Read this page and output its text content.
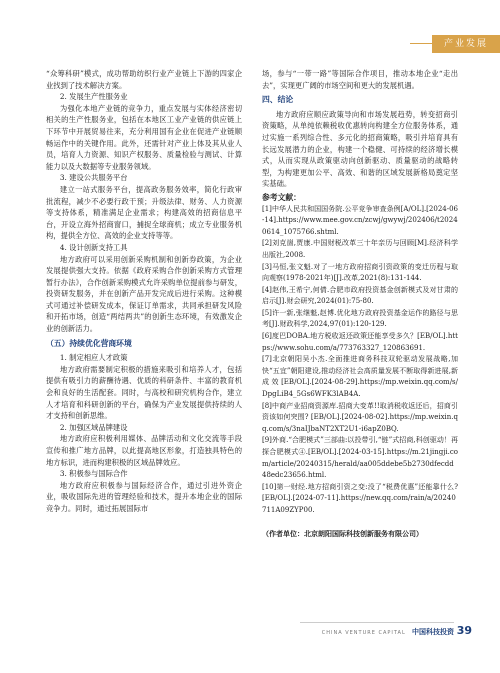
产业发展

“众筹科研”模式，成功帮助纺织行业产业链上下游的四家企业找到了技术解决方案。

2. 发展生产性服务业

为强化本地产业链的竞争力，重点发展与实体经济密切相关的生产性服务业，包括在本地区工业产业链的供应链上下环节中开展贸易往来，充分利用国有企业在促进产业链顺畅运作中的关键作用。此外，还需针对产业上体及其从业人员，培育人力资源、知识产权服务、质量检验与测试、计算能力以及大数据等专业服务领域。

3. 建设公共服务平台

建立一站式服务平台，提高政务服务效率，简化行政审批流程，减少不必要行政干预；升级法律、财务、人力资源等支持体系，精准满足企业需求；构建高效的招商信息平台，开设立海外招商窗口，捕捉全球商机；成立专业服务机构，提供全方位、高效的企业支持等等。

4. 设计创新支持工具

地方政府可以采用创新采购机制和创新券政策，为企业发展提供强大支持。依据《政府采购合作创新采购方式管理暂行办法》，合作创新采购模式允许采购单位提前参与研发，投资研发服务，并在创新产品开发完成后进行采购。这种模式可通过补偿研发成本，保证订单需求，共同承担研发风险和开拓市场，创造“两结两共”的创新生态环境，有效激发企业的创新活力。

（五）持续优化营商环境

1. 制定相应人才政策

地方政府需要制定积极的措施来吸引和培养人才，包括提供有吸引力的薪酬待遇、优质的科研条件、丰富的教育机会和良好的生活配套。同时，与高校和研究机构合作，建立人才培育和科研创新的平台，确保为产业发展提供持续的人才支持和创新思维。

2. 加强区域品牌建设

地方政府应积极利用媒体、品牌活动和文化交流等手段宣传和推广地方品牌，以此提高地区形象，打造独具特色的地方标识，进而构建积极的区域品牌效应。

3. 积极参与国际合作

地方政府应积极参与国际经济合作，通过引进外资企业，吸收国际先进的管理经验和技术，提升本地企业的国际竞争力。同时，通过拓展国际市

场，参与“一带一路”等国际合作项目，推动本地企业“走出去”，实现更广阔的市场空间和更大的发展机遇。

四、结论

地方政府应顺应政策导向和市场发展趋势，转变招商引资策略，从单纯依赖税收优惠转向构建全方位服务体系，通过实施一系列综合性、多元化的招商策略，吸引并培育具有长远发展潜力的企业，构建一个稳健、可持续的经济增长模式，从而实现从政策驱动向创新驱动、质量驱动的战略转型，为构建更加公平、高效、和谐的区域发展新格局奠定坚实基础。

参考文献：

[1]中华人民共和国国务院.公平竞争审查条例[A/OL].[2024-06-14].https://www.mee.gov.cn/zcwj/gwywj/202406/t20240614_1075766.shtml.

[2]刘克崮,贾康.中国财税改革三十年亲历与回顾[M].经济科学出版社,2008.

[3]马恒,张文魁.对了一地方政府招商引资政策的变迁历程与取向观察(1978-2021年)[J].改革,2021(8):131-144.

[4]赵伟,王希宁,何倩.合肥市政府投资基金创新模式及对甘肃的启示[J].财会研究,2024(01):75-80.

[5]许一新,张继魁,赵博.优化地方政府投资基金运作的路径与思考[J].财政科学,2024,97(01):120-129.

[6]度巴DOBA.地方税收返还政策还能享受多久？[EB/OL].https://www.sohu.com/a/773763327_120863691.

[7]北京朝阳吴小杰.全面推进商务科技双轮驱动发展战略,加快“五宜”朝阳建设,推动经济社会高质量发展不断取得新进展,新成效[EB/OL].[2024-08-29].https://mp.weixin.qq.com/s/DpgLiB4_5Gs6WFK3lAB4A.

[8]中商产业招商资源库.招商大变革!!取消税收返还后，招商引资该如何突围? [EB/OL].[2024-08-02].https://mp.weixin.qq.com/s/3naIJbaNT2XT2U1-i6apZ0BQ.

[9]外商.“合肥模式”三部曲:以投带引,“链”式招商,科创驱动！再探合肥模式④.[EB/OL].[2024-03-15].https://m.21jingji.com/article/20240315/herald/aa005ddebe5b2730dfecdd48edc23656.html.

[10]第一财经.地方招商引资之变:没了“税费优惠”还能靠什么? [EB/OL].[2024-07-11].https://new.qq.com/rain/a/20240711A09ZYP00.

（作者单位：北京朗阳国际科技创新服务有限公司）

CHINA VENTURE CAPITAL 中国科技投资 39
